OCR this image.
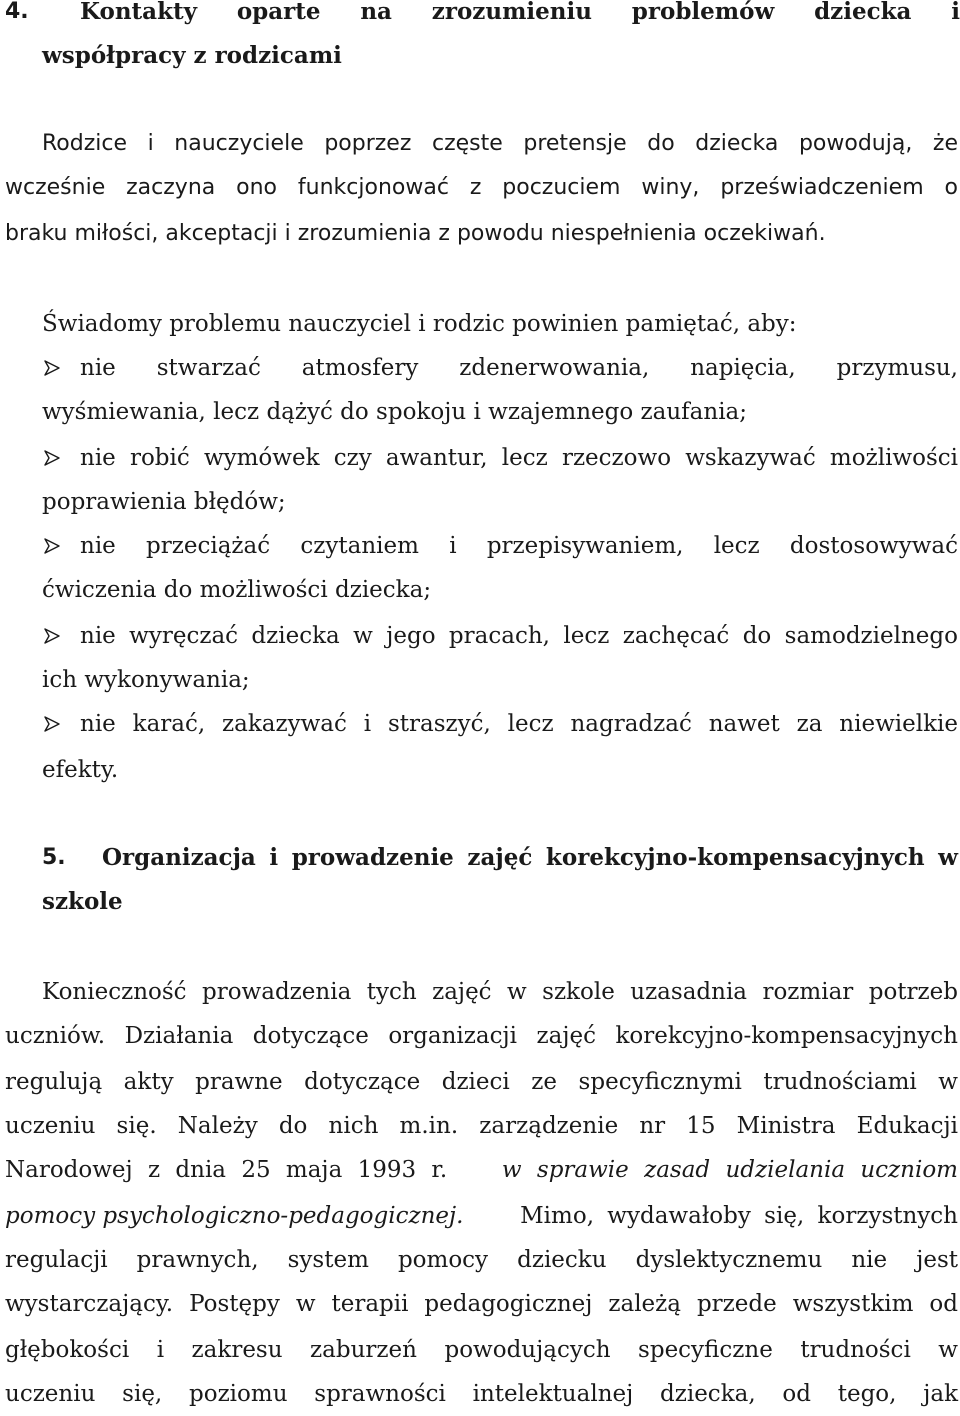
4. Kontakty oparte na zrozumieniu problemów dziecka i
współpracy z rodzicami
Rodzice i nauczyciele poprzez częste pretensje do dziecka powodują, że
wcześnie zaczyna ono funkcjonować z poczuciem winy, przeświadczeniem o
braku miłości, akceptacji i zrozumienia z powodu niespełnienia oczekiwań.
Świadomy problemu nauczyciel i rodzic powinien pamiętać, aby:
nie stwarzać atmosfery zdenerwowania, napięcia, przymusu,
wyśmiewania, lecz dążyć do spokoju i wzajemnego zaufania;
nie robić wymówek czy awantur, lecz rzeczowo wskazywać możliwości
poprawienia błędów;
nie przeciążać czytaniem i przepisywaniem, lecz dostosowywać
ćwiczenia do możliwości dziecka;
nie wyręczać dziecka w jego pracach, lecz zachęcać do samodzielnego
ich wykonywania;
nie karać, zakazywać i straszyć, lecz nagradzać nawet za niewielkie
efekty.
5. Organizacja i prowadzenie zajęć korekcyjno-kompensacyjnych w
szkole
Konieczność prowadzenia tych zajęć w szkole uzasadnia rozmiar potrzeb
uczniów. Działania dotyczące organizacji zajęć korekcyjno-kompensacyjnych
regulują akty prawne dotyczące dzieci ze specyficznymi trudnościami w
uczeniu się. Należy do nich m.in. zarządzenie nr 15 Ministra Edukacji
Narodowej z dnia 25 maja 1993 r. w sprawie zasad udzielania uczniom
pomocy psychologiczno-pedagogicznej. Mimo, wydawałoby się, korzystnych
regulacji prawnych, system pomocy dziecku dyslektycznemu nie jest
wystarczający. Postępy w terapii pedagogicznej zależą przede wszystkim od
głębokości i zakresu zaburzeń powodujących specyficzne trudności w
uczeniu się, poziomu sprawności intelektualnej dziecka, od tego, jak
